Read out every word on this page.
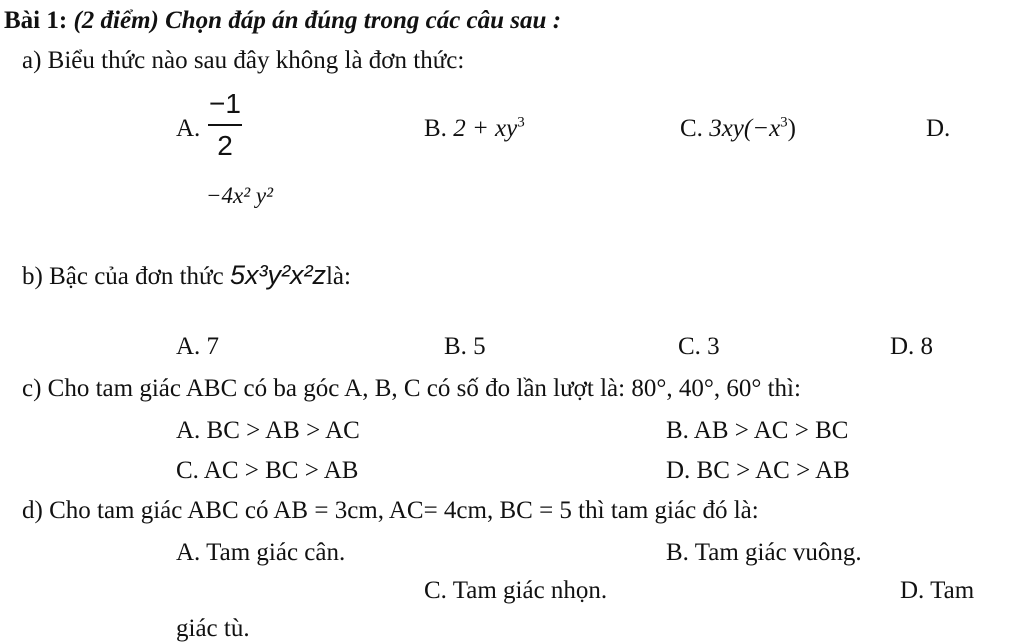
Bài 1: (2 điểm) Chọn đáp án đúng trong các câu sau :
a) Biểu thức nào sau đây không là đơn thức:
A.
−1
2
B. $2 + xy^3$	C. $3xy(-x^3)$	D.
−4x² y²
b) Bậc của đơn thức 5x³y²x²zlà:
A. 7	B. 5	C. 3	D. 8
c) Cho tam giác ABC có ba góc A, B, C có số đo lần lượt là: 80°, 40°, 60° thì:
A. BC > AB > AC	B. AB > AC > BC
C. AC > BC > AB	D. BC > AC > AB
d) Cho tam giác ABC có AB = 3cm, AC= 4cm, BC = 5 thì tam giác đó là:
A. Tam giác cân.	B. Tam giác vuông.
C. Tam giác nhọn.	D. Tam
giác tù.
